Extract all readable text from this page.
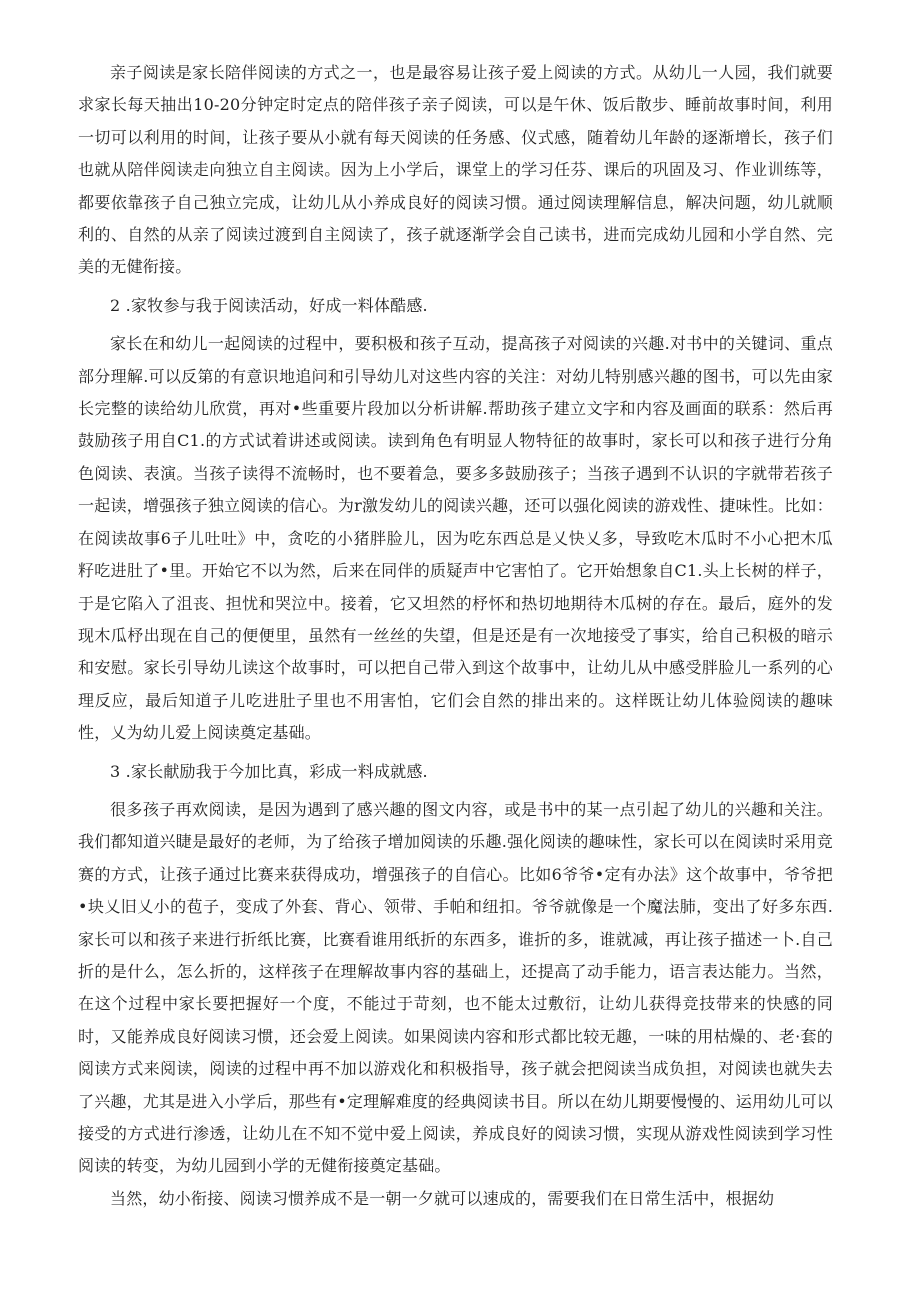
亲子阅读是家长陪伴阅读的方式之一，也是最容易让孩子爱上阅读的方式。从幼儿一人园，我们就要求家长每天抽出10-20分钟定时定点的陪伴孩子亲子阅读，可以是午休、饭后散步、睡前故事时间，利用一切可以利用的时间，让孩子要从小就有每天阅读的任务感、仪式感，随着幼儿年龄的逐渐增长，孩子们也就从陪伴阅读走向独立自主阅读。因为上小学后，课堂上的学习任芬、课后的巩固及习、作业训练等，都要依靠孩子自己独立完成，让幼儿从小养成良好的阅读习惯。通过阅读理解信息，解决问题，幼儿就顺利的、自然的从亲了阅读过渡到自主阅读了，孩子就逐渐学会自己读书，进而完成幼儿园和小学自然、完美的无健衔接。

2 .家牧参与我于阅读活动，好成一料体酷感.

家长在和幼儿一起阅读的过程中，要积极和孩子互动，提高孩子对阅读的兴趣.对书中的关键词、重点部分理解.可以反第的有意识地追问和引导幼儿对这些内容的关注：对幼儿特别感兴趣的图书，可以先由家长完整的读给幼儿欣赏，再对•些重要片段加以分析讲解.帮助孩子建立文字和内容及画面的联系：然后再鼓励孩子用自C1.的方式试着讲述或阅读。读到角色有明显人物特征的故事时，家长可以和孩子进行分角色阅读、表演。当孩子读得不流畅时，也不要着急，要多多鼓励孩子；当孩子遇到不认识的字就带若孩子一起读，增强孩子独立阅读的信心。为r激发幼儿的阅读兴趣，还可以强化阅读的游戏性、捷味性。比如：在阅读故事6子儿吐吐》中，贪吃的小猪胖脸儿，因为吃东西总是乂快乂多，导致吃木瓜时不小心把木瓜籽吃进肚了•里。开始它不以为然，后来在同伴的质疑声中它害怕了。它开始想象自C1.头上长树的样子，于是它陷入了沮丧、担忧和哭泣中。接着，它又坦然的杼怀和热切地期待木瓜树的存在。最后，庭外的发现木瓜杼出现在自己的便便里，虽然有一丝丝的失望，但是还是有一次地接受了事实，给自己积极的暗示和安慰。家长引导幼儿读这个故事时，可以把自己带入到这个故事中，让幼儿从中感受胖脸儿一系列的心理反应，最后知道子儿吃进肚子里也不用害怕，它们会自然的排出来的。这样既让幼儿体验阅读的趣味性，乂为幼儿爱上阅读奠定基础。

3 .家长献励我于今加比真，彩成一料成就感.

很多孩子再欢阅读，是因为遇到了感兴趣的图文内容，或是书中的某一点引起了幼儿的兴趣和关注。我们都知道兴睫是最好的老师，为了给孩子增加阅读的乐趣.强化阅读的趣味性，家长可以在阅读时采用竞赛的方式，让孩子通过比赛来获得成功，增强孩子的自信心。比如6爷爷•定有办法》这个故事中，爷爷把•块乂旧乂小的苞子，变成了外套、背心、领带、手帕和纽扣。爷爷就像是一个魔法肺，变出了好多东西.家长可以和孩子来进行折纸比赛，比赛看谁用纸折的东西多，谁折的多，谁就减，再让孩子描述一卜.自己折的是什么，怎么折的，这样孩子在理解故事内容的基础上，还提高了动手能力，语言表达能力。当然，在这个过程中家长要把握好一个度，不能过于苛刻，也不能太过敷衍，让幼儿获得竞技带来的快感的同时，又能养成良好阅读习惯，还会爱上阅读。如果阅读内容和形式都比较无趣，一味的用枯燥的、老·套的阅读方式来阅读，阅读的过程中再不加以游戏化和积极指导，孩子就会把阅读当成负担，对阅读也就失去了兴趣，尤其是进入小学后，那些有•定理解难度的经典阅读书目。所以在幼儿期要慢慢的、运用幼儿可以接受的方式进行渗透，让幼儿在不知不觉中爱上阅读，养成良好的阅读习惯，实现从游戏性阅读到学习性阅读的转变，为幼儿园到小学的无健衔接奠定基础。

当然，幼小衔接、阅读习惯养成不是一朝一夕就可以速成的，需要我们在日常生活中，根据幼
